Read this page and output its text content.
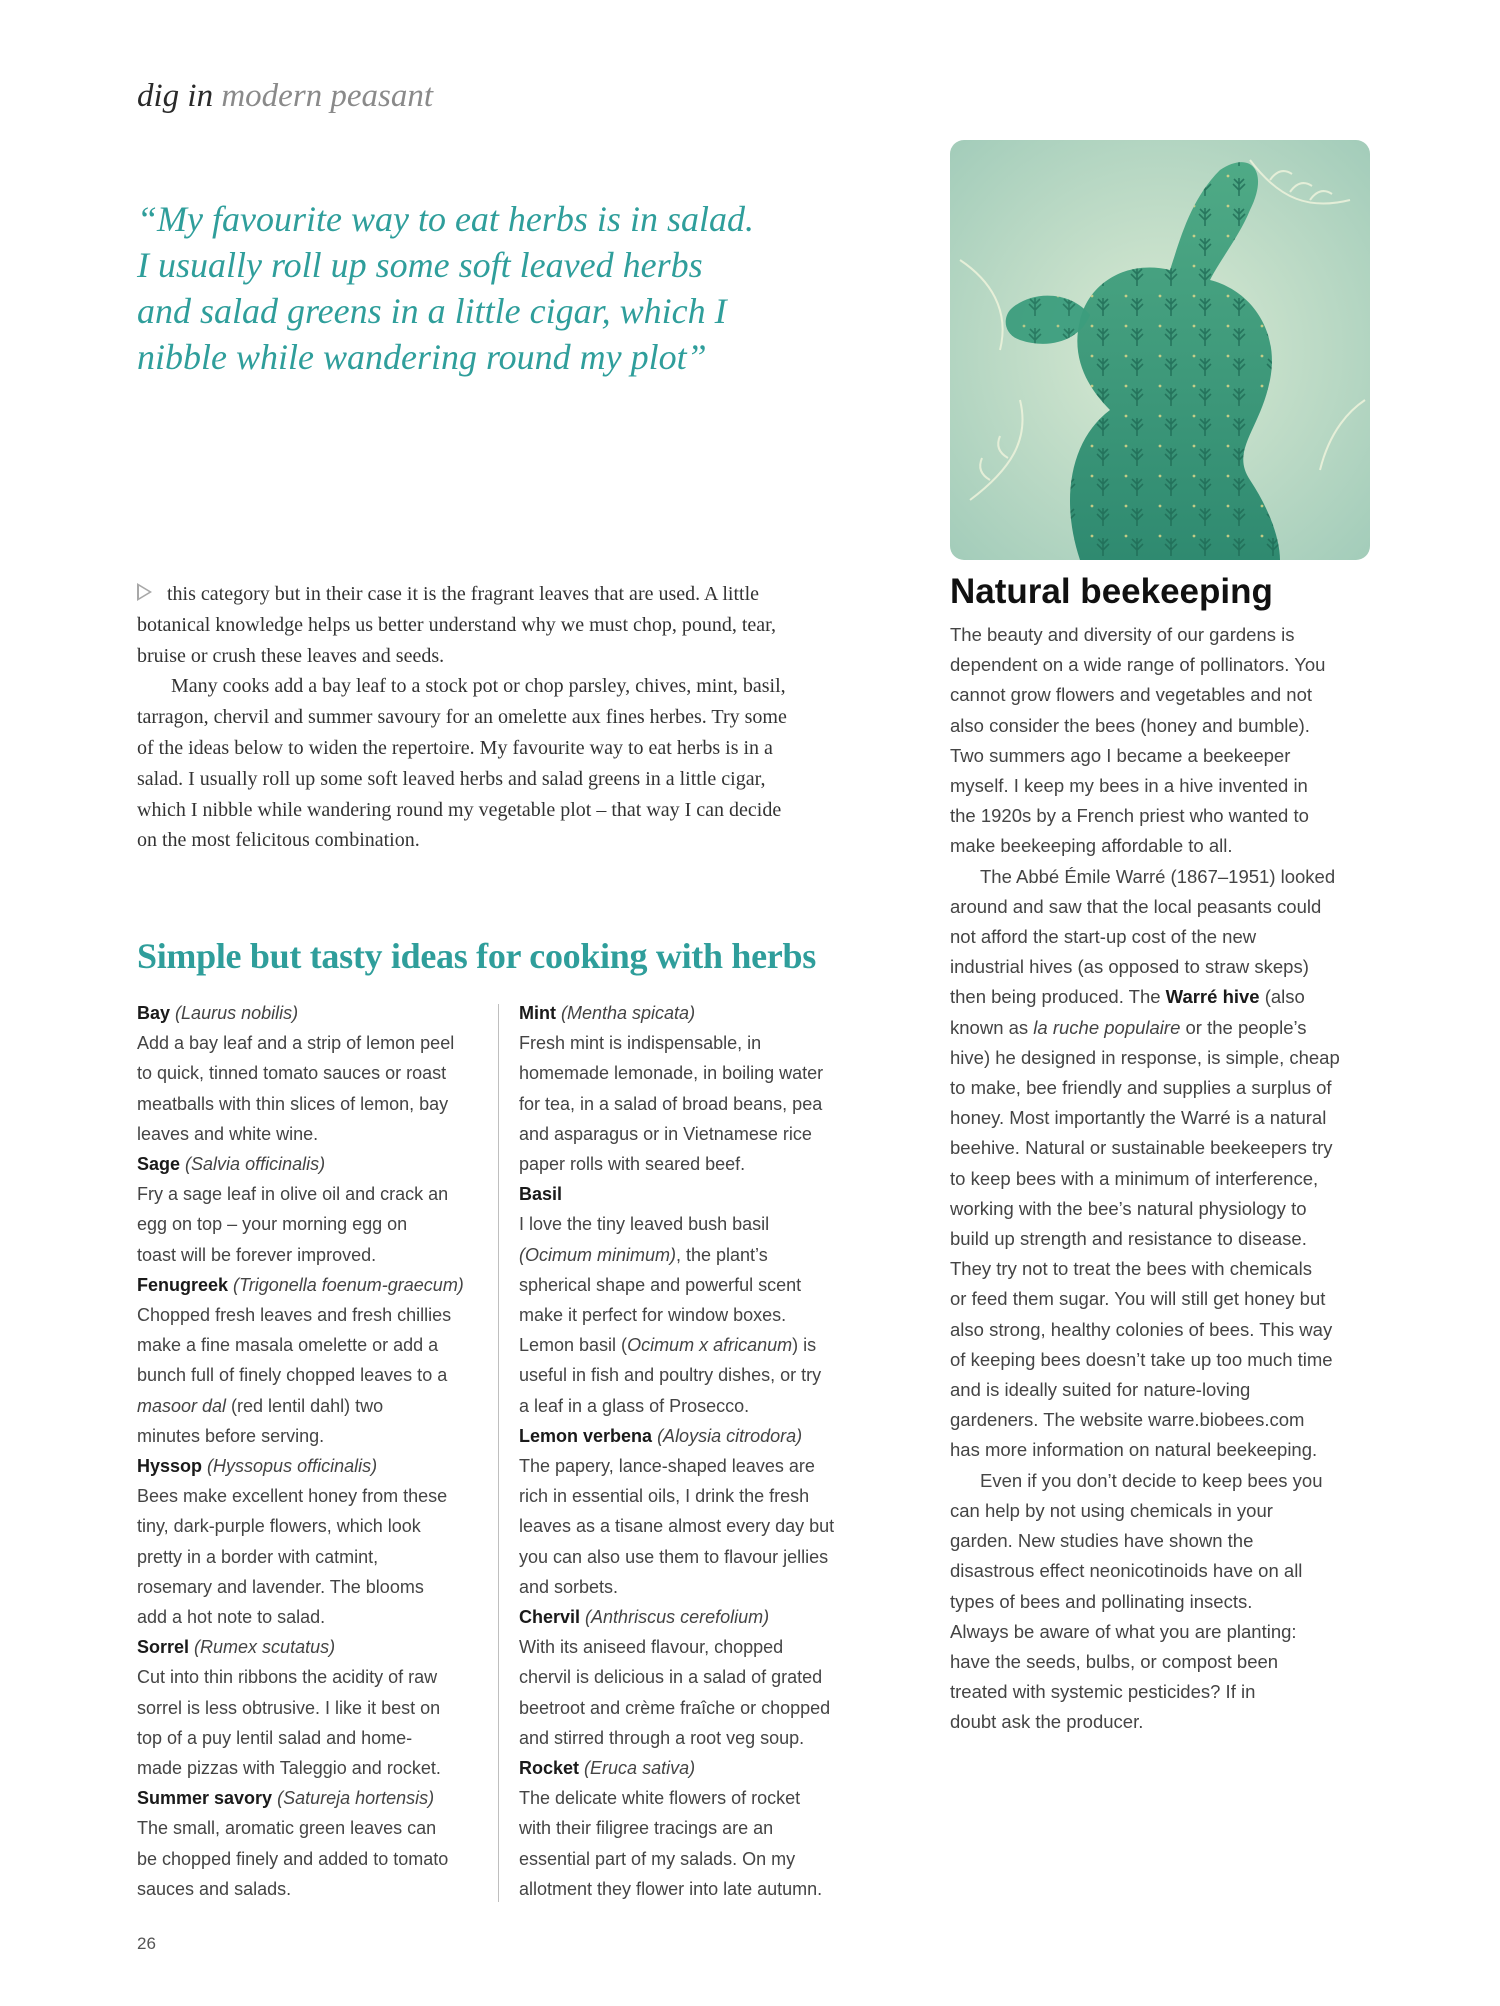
dig in modern peasant
“My favourite way to eat herbs is in salad.
I usually roll up some soft leaved herbs
and salad greens in a little cigar, which I
nibble while wandering round my plot”

this category but in their case it is the fragrant leaves that are used. A little
botanical knowledge helps us better understand why we must chop, pound, tear,
bruise or crush these leaves and seeds.

Many cooks add a bay leaf to a stock pot or chop parsley, chives, mint, basil,
tarragon, chervil and summer savoury for an omelette aux fines herbes. Try some
of the ideas below to widen the repertoire. My favourite way to eat herbs is in a
salad. I usually roll up some soft leaved herbs and salad greens in a little cigar,
which I nibble while wandering round my vegetable plot – that way I can decide
on the most felicitous combination.

Simple but tasty ideas for cooking with herbs
Bay (Laurus nobilis)
Add a bay leaf and a strip of lemon peel
to quick, tinned tomato sauces or roast
meatballs with thin slices of lemon, bay
leaves and white wine.
Sage (Salvia officinalis)
Fry a sage leaf in olive oil and crack an
egg on top – your morning egg on
toast will be forever improved.
Fenugreek (Trigonella foenum-graecum)
Chopped fresh leaves and fresh chillies
make a fine masala omelette or add a
bunch full of finely chopped leaves to a
masoor dal (red lentil dahl) two
minutes before serving.
Hyssop (Hyssopus officinalis)
Bees make excellent honey from these
tiny, dark-purple flowers, which look
pretty in a border with catmint,
rosemary and lavender. The blooms
add a hot note to salad.
Sorrel (Rumex scutatus)
Cut into thin ribbons the acidity of raw
sorrel is less obtrusive. I like it best on
top of a puy lentil salad and home-
made pizzas with Taleggio and rocket.
Summer savory (Satureja hortensis)
The small, aromatic green leaves can
be chopped finely and added to tomato
sauces and salads.
Mint (Mentha spicata)
Fresh mint is indispensable, in
homemade lemonade, in boiling water
for tea, in a salad of broad beans, pea
and asparagus or in Vietnamese rice
paper rolls with seared beef.
Basil
I love the tiny leaved bush basil
(Ocimum minimum), the plant’s
spherical shape and powerful scent
make it perfect for window boxes.
Lemon basil (Ocimum x africanum) is
useful in fish and poultry dishes, or try
a leaf in a glass of Prosecco.
Lemon verbena (Aloysia citrodora)
The papery, lance-shaped leaves are
rich in essential oils, I drink the fresh
leaves as a tisane almost every day but
you can also use them to flavour jellies
and sorbets.
Chervil (Anthriscus cerefolium)
With its aniseed flavour, chopped
chervil is delicious in a salad of grated
beetroot and crème fraîche or chopped
and stirred through a root veg soup.
Rocket (Eruca sativa)
The delicate white flowers of rocket
with their filigree tracings are an
essential part of my salads. On my
allotment they flower into late autumn.
Natural beekeeping
The beauty and diversity of our gardens is
dependent on a wide range of pollinators. You
cannot grow flowers and vegetables and not
also consider the bees (honey and bumble).
Two summers ago I became a beekeeper
myself. I keep my bees in a hive invented in
the 1920s by a French priest who wanted to
make beekeeping affordable to all.
The Abbé Émile Warré (1867–1951) looked
around and saw that the local peasants could
not afford the start-up cost of the new
industrial hives (as opposed to straw skeps)
then being produced. The Warré hive (also
known as la ruche populaire or the people’s
hive) he designed in response, is simple, cheap
to make, bee friendly and supplies a surplus of
honey. Most importantly the Warré is a natural
beehive. Natural or sustainable beekeepers try
to keep bees with a minimum of interference,
working with the bee’s natural physiology to
build up strength and resistance to disease.
They try not to treat the bees with chemicals
or feed them sugar. You will still get honey but
also strong, healthy colonies of bees. This way
of keeping bees doesn’t take up too much time
and is ideally suited for nature-loving
gardeners. The website warre.biobees.com
has more information on natural beekeeping.
Even if you don’t decide to keep bees you
can help by not using chemicals in your
garden. New studies have shown the
disastrous effect neonicotinoids have on all
types of bees and pollinating insects.
Always be aware of what you are planting:
have the seeds, bulbs, or compost been
treated with systemic pesticides? If in
doubt ask the producer.
26
